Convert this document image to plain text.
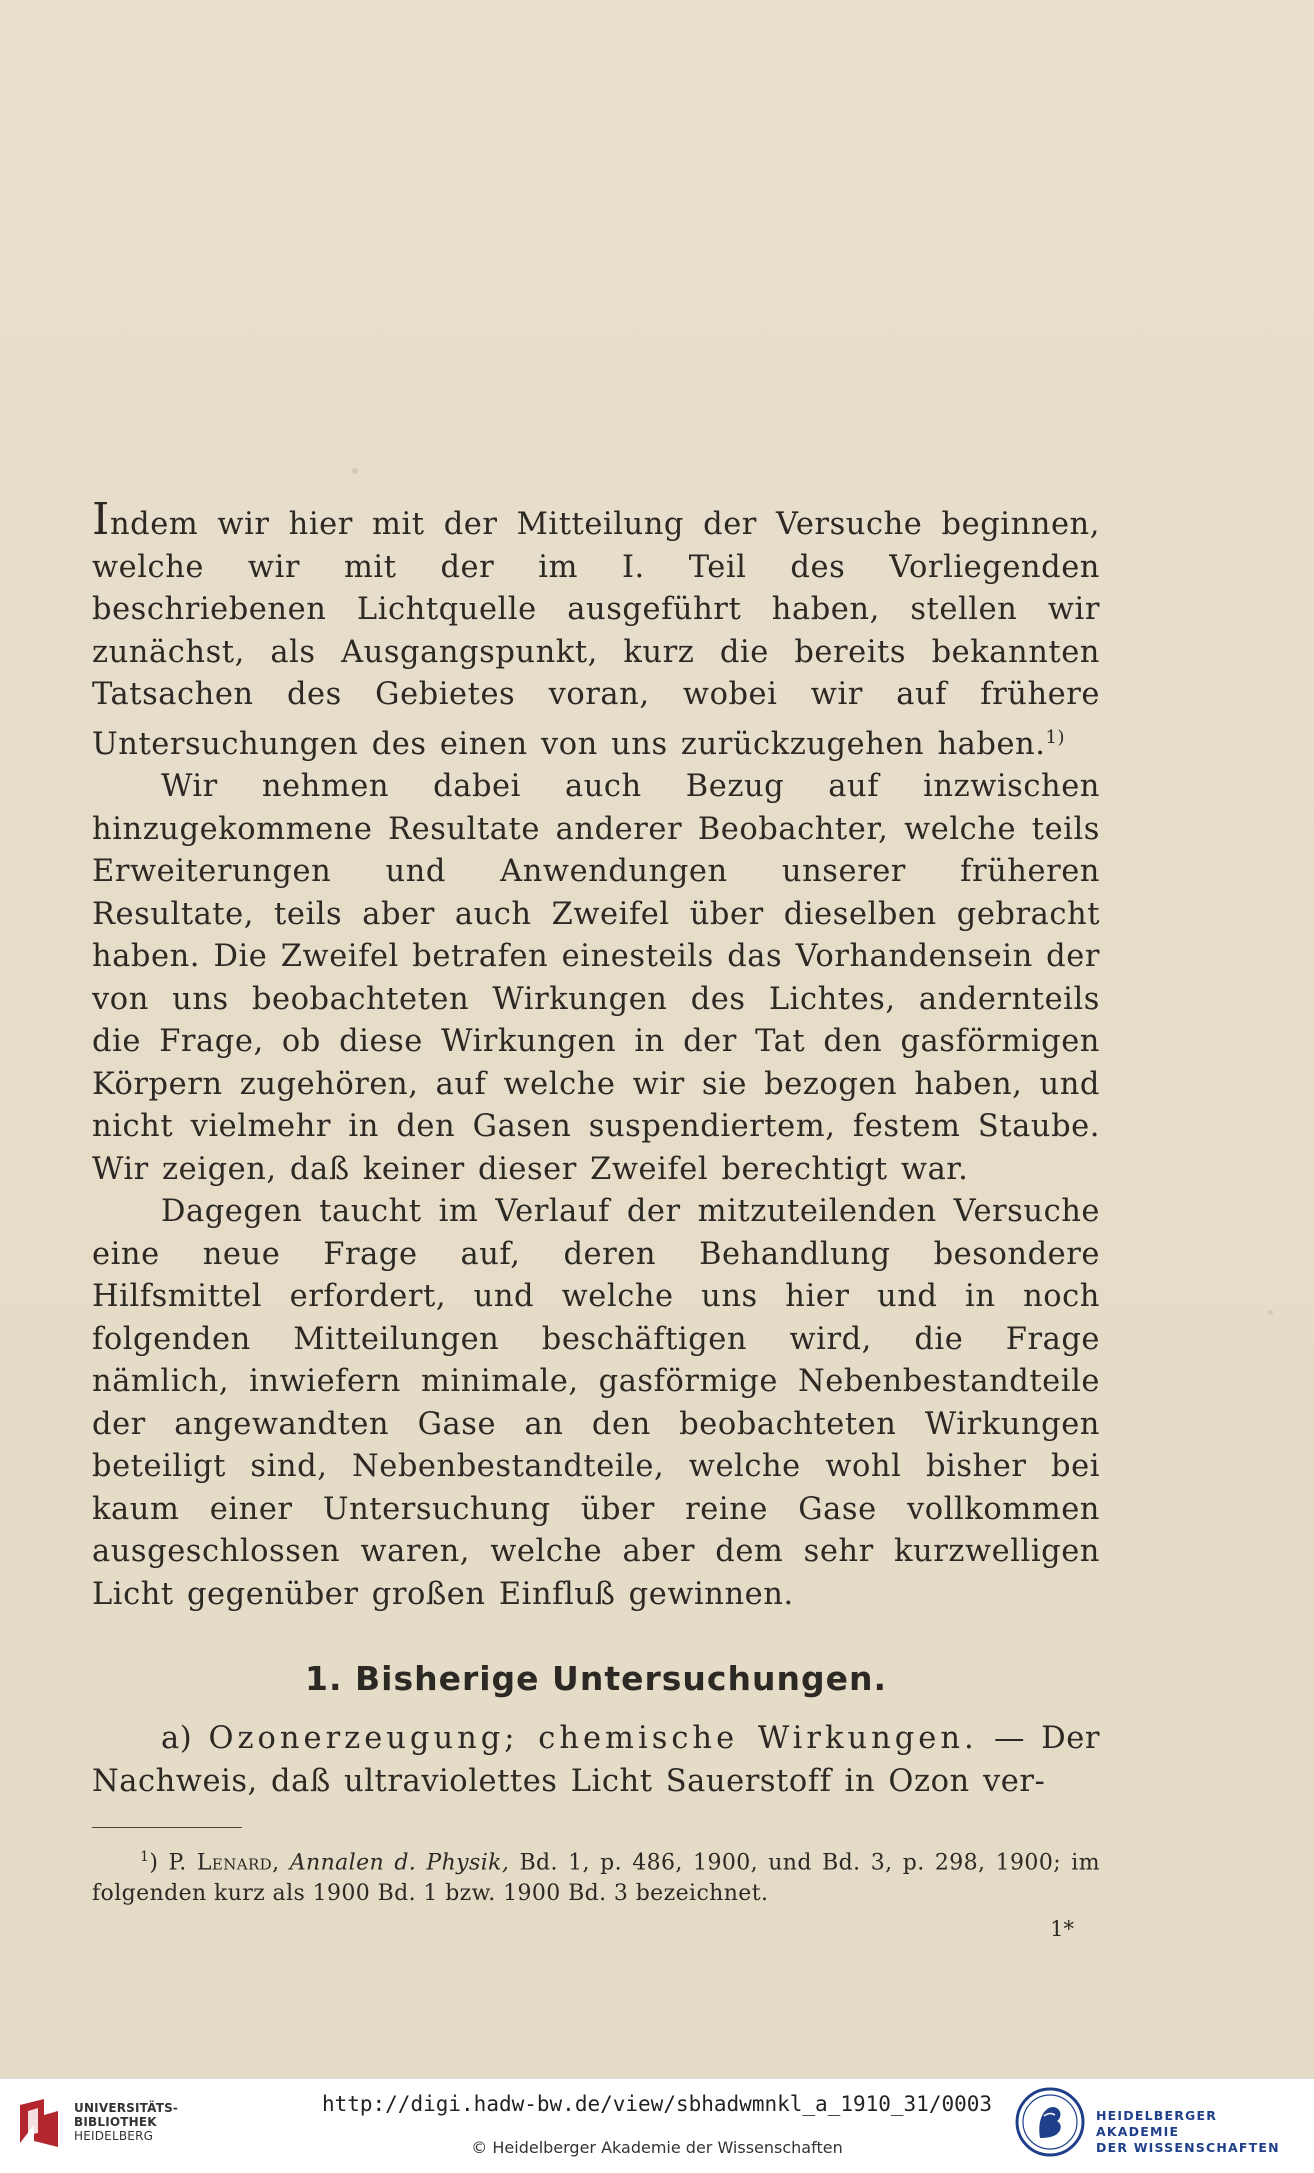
Indem wir hier mit der Mitteilung der Versuche beginnen, welche wir mit der im I. Teil des Vorliegenden beschriebenen Lichtquelle ausgeführt haben, stellen wir zunächst, als Ausgangspunkt, kurz die bereits bekannten Tatsachen des Gebietes voran, wobei wir auf frühere Untersuchungen des einen von uns zurückzugehen haben.$^{1)}$

Wir nehmen dabei auch Bezug auf inzwischen hinzugekommene Resultate anderer Beobachter, welche teils Erweiterungen und Anwendungen unserer früheren Resultate, teils aber auch Zweifel über dieselben gebracht haben. Die Zweifel betrafen einesteils das Vorhandensein der von uns beobachteten Wirkungen des Lichtes, andernteils die Frage, ob diese Wirkungen in der Tat den gasförmigen Körpern zugehören, auf welche wir sie bezogen haben, und nicht vielmehr in den Gasen suspendiertem, festem Staube. Wir zeigen, daß keiner dieser Zweifel berechtigt war.

Dagegen taucht im Verlauf der mitzuteilenden Versuche eine neue Frage auf, deren Behandlung besondere Hilfsmittel erfordert, und welche uns hier und in noch folgenden Mitteilungen beschäftigen wird, die Frage nämlich, inwiefern minimale, gasförmige Nebenbestandteile der angewandten Gase an den beobachteten Wirkungen beteiligt sind, Nebenbestandteile, welche wohl bisher bei kaum einer Untersuchung über reine Gase vollkommen ausgeschlossen waren, welche aber dem sehr kurzwelligen Licht gegenüber großen Einfluß gewinnen.

1. Bisherige Untersuchungen.

a) Ozonerzeugung; chemische Wirkungen. — Der Nachweis, daß ultraviolettes Licht Sauerstoff in Ozon ver-

$^1$) P. Lenard, Annalen d. Physik, Bd. 1, p. 486, 1900, und Bd. 3, p. 298, 1900; im folgenden kurz als 1900 Bd. 1 bzw. 1900 Bd. 3 bezeichnet.

1*
UNIVERSITÄTS-
BIBLIOTHEK
HEIDELBERG
http://digi.hadw-bw.de/view/sbhadwmnkl_a_1910_31/0003
© Heidelberger Akademie der Wissenschaften
HEIDELBERGER AKADEMIE
DER WISSENSCHAFTEN
